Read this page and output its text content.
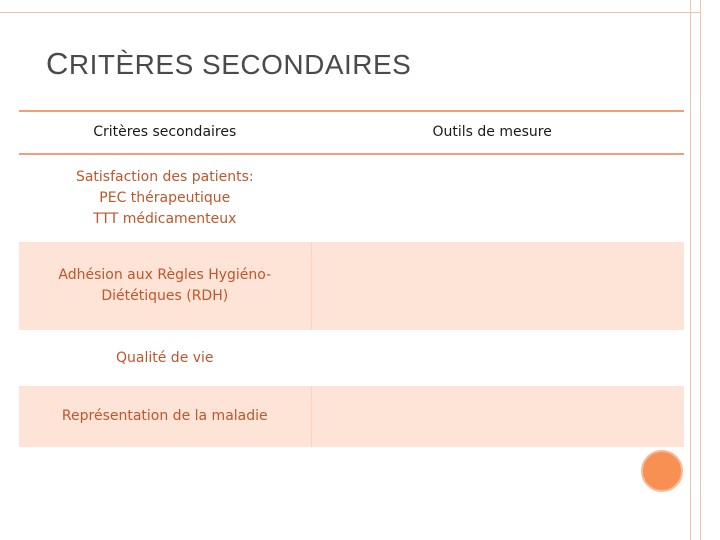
CRITÈRES SECONDAIRES
Critères secondaires	Outils de mesure
Satisfaction des patients:
PEC thérapeutique
TTT médicamenteux
Adhésion aux Règles Hygiéno-
Diététiques (RDH)
Qualité de vie
Représentation de la maladie
